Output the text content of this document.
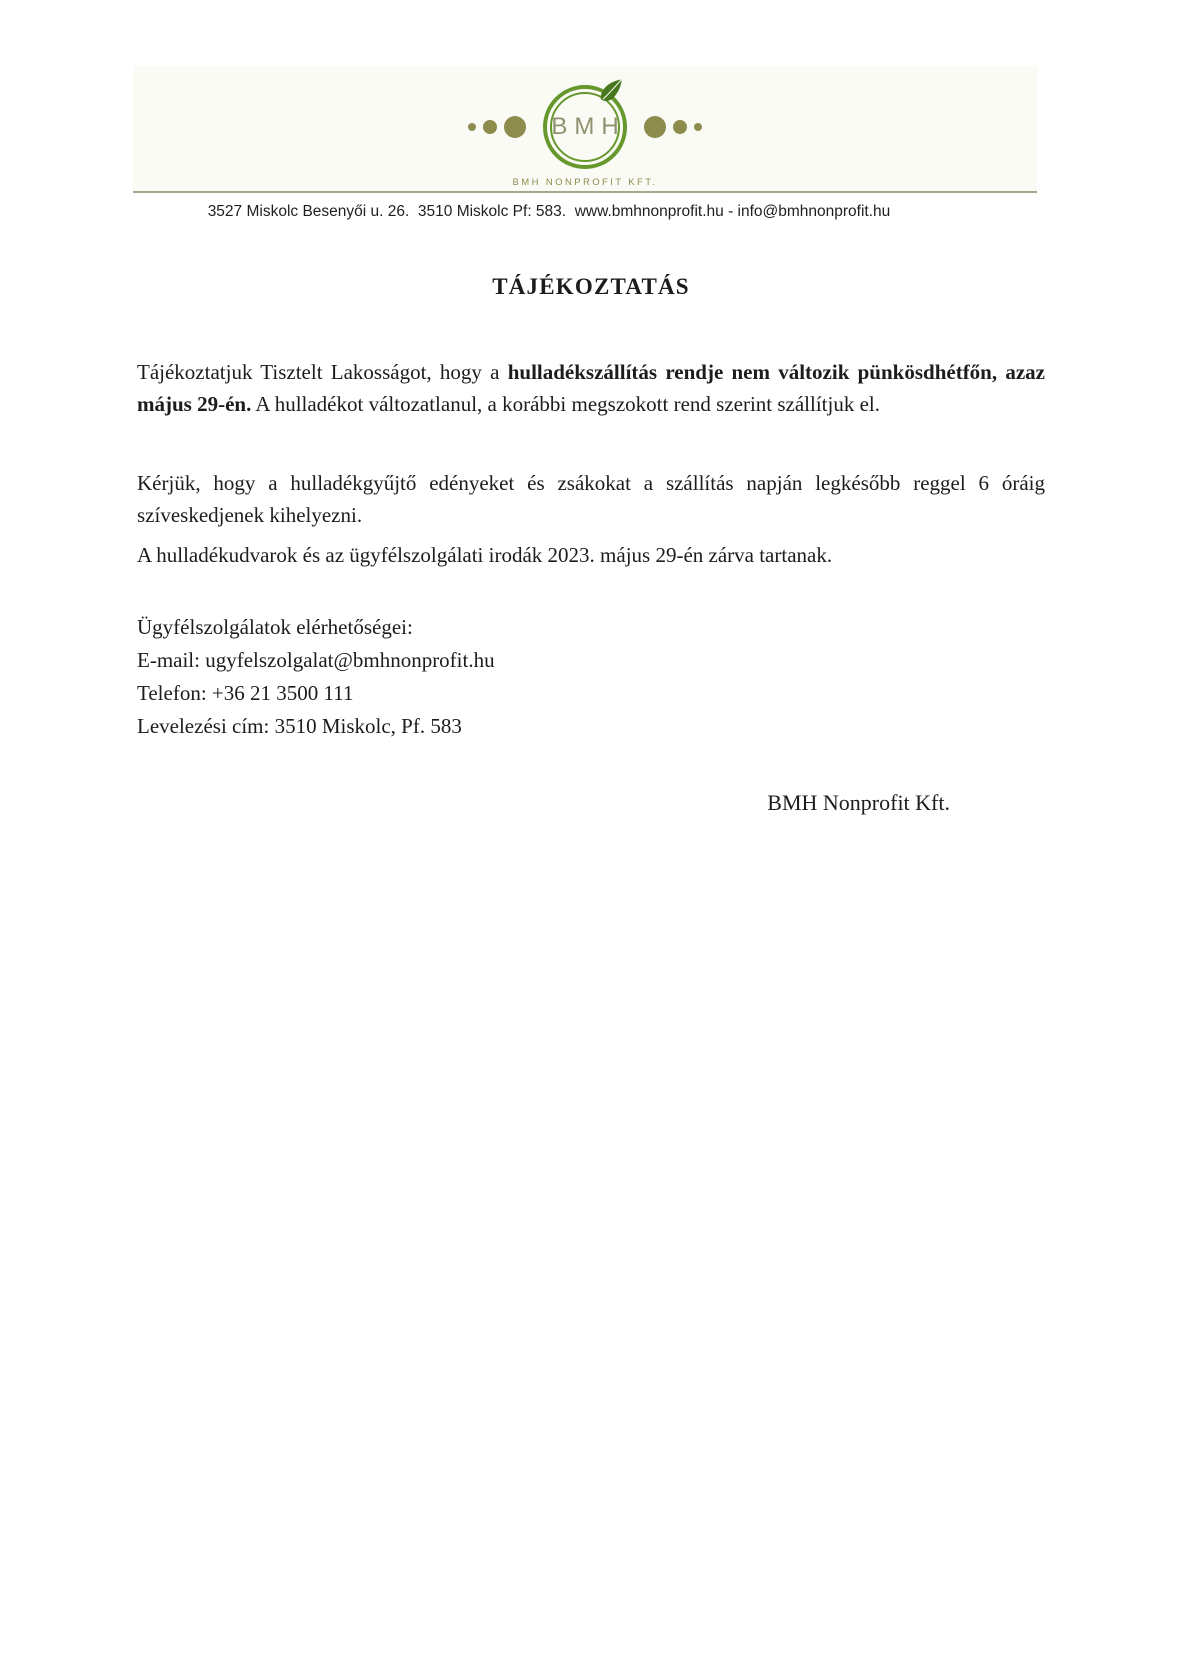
BMH
BMH NONPROFIT KFT.
3527 Miskolc Besenyői u. 26.  3510 Miskolc Pf: 583.  www.bmhnonprofit.hu - info@bmhnonprofit.hu
TÁJÉKOZTATÁS

Tájékoztatjuk Tisztelt Lakosságot, hogy a hulladékszállítás rendje nem változik pünkösdhétfőn, azaz május 29-én. A hulladékot változatlanul, a korábbi megszokott rend szerint szállítjuk el.

Kérjük, hogy a hulladékgyűjtő edényeket és zsákokat a szállítás napján legkésőbb reggel 6 óráig szíveskedjenek kihelyezni.

A hulladékudvarok és az ügyfélszolgálati irodák 2023. május 29-én zárva tartanak.

Ügyfélszolgálatok elérhetőségei:
E-mail: ugyfelszolgalat@bmhnonprofit.hu
Telefon: +36 21 3500 111
Levelezési cím: 3510 Miskolc, Pf. 583
BMH Nonprofit Kft.
